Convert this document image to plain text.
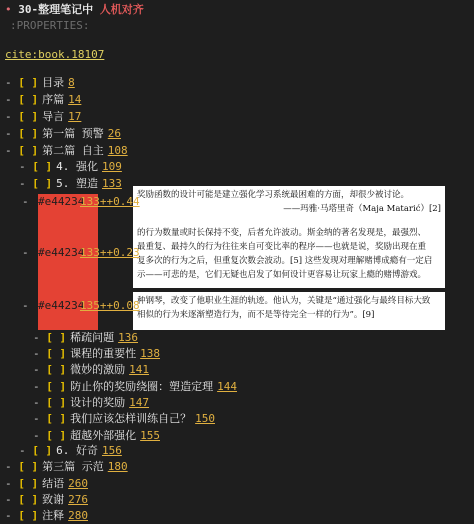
• 30-整理笔记中 人机对齐
:PROPERTIES:
cite:book.18107

奖励函数的设计可能是建立强化学习系统最困难的方面，却很少被讨论。

——玛雅·马塔里奇（Maja Matarić）[2]

的行为数量或时长保持不变，后者允许波动。斯金纳的著名发现是，最强烈、

最重复、最持久的行为往往来自可变比率的程序——也就是说，奖励出现在重

复多次的行为之后，但重复次数会波动。[5] 这些发现对理解赌博成瘾有一定启

示——可悲的是，它们无疑也启发了如何设计更容易让玩家上瘾的赌博游戏。

种钢琴，改变了他职业生涯的轨迹。他认为，关键是“通过强化与最终目标大致

相似的行为来逐渐塑造行为，而不是等待完全一样的行为”。[9]

- #e44234
133++0.44
- #e44234
133++0.23
- #e44234
135++0.08
- [ ] 目录 8
- [ ] 序篇 14
- [ ] 导言 17
- [ ] 第一篇 预警 26
- [ ] 第二篇 自主 108
- [ ] 4. 强化 109
- [ ] 5. 塑造 133
- [ ] 稀疏问题 136
- [ ] 课程的重要性 138
- [ ] 微妙的激励 141
- [ ] 防止你的奖励绕圈：塑造定理 144
- [ ] 设计的奖励 147
- [ ] 我们应该怎样训练自己？ 150
- [ ] 超越外部强化 155
- [ ] 6. 好奇 156
- [ ] 第三篇 示范 180
- [ ] 结语 260
- [ ] 致谢 276
- [ ] 注释 280
